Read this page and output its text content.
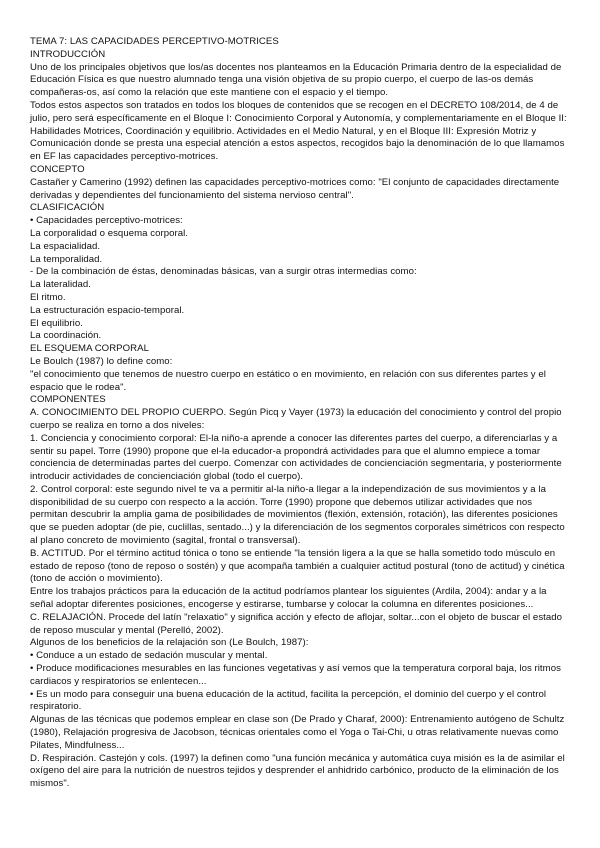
TEMA 7: LAS CAPACIDADES PERCEPTIVO-MOTRICES

INTRODUCCIÓN

Uno de los principales objetivos que los/as docentes nos planteamos en la Educación Primaria dentro de la especialidad de Educación Física es que nuestro alumnado tenga una visión objetiva de su propio cuerpo, el cuerpo de las-os demás compañeras-os, así como la relación que este mantiene con el espacio y el tiempo.

Todos estos aspectos son tratados en todos los bloques de contenidos que se recogen en el DECRETO 108/2014, de 4 de julio, pero será específicamente en el Bloque I: Conocimiento Corporal y Autonomía, y complementariamente en el Bloque II: Habilidades Motrices, Coordinación y equilibrio. Actividades en el Medio Natural, y en el Bloque III: Expresión Motriz y Comunicación donde se presta una especial atención a estos aspectos, recogidos bajo la denominación de lo que llamamos en EF las capacidades perceptivo-motrices.

CONCEPTO

Castañer y Camerino (1992) definen las capacidades perceptivo-motrices como: "El conjunto de capacidades directamente derivadas y dependientes del funcionamiento del sistema nervioso central".

CLASIFICACIÓN

• Capacidades perceptivo-motrices:

La corporalidad o esquema corporal.

La espacialidad.

La temporalidad.

- De la combinación de éstas, denominadas básicas, van a surgir otras intermedias como:

La lateralidad.

El ritmo.

La estructuración espacio-temporal.

El equilibrio.

La coordinación.

EL ESQUEMA CORPORAL

Le Boulch (1987) lo define como:

"el conocimiento que tenemos de nuestro cuerpo en estático o en movimiento, en relación con sus diferentes partes y el espacio que le rodea".

COMPONENTES

A. CONOCIMIENTO DEL PROPIO CUERPO. Según Picq y Vayer (1973) la educación del conocimiento y control del propio cuerpo se realiza en torno a dos niveles:

1. Conciencia y conocimiento corporal: El-la niño-a aprende a conocer las diferentes partes del cuerpo, a diferenciarlas y a sentir su papel. Torre (1990) propone que el-la educador-a propondrá actividades para que el alumno empiece a tomar conciencia de determinadas partes del cuerpo. Comenzar con actividades de concienciación segmentaria, y posteriormente introducir actividades de concienciación global (todo el cuerpo).

2. Control corporal: este segundo nivel te va a permitir al-la niño-a llegar a la independización de sus movimientos y a la disponibilidad de su cuerpo con respecto a la acción. Torre (1990) propone que debemos utilizar actividades que nos permitan descubrir la amplia gama de posibilidades de movimientos (flexión, extensión, rotación), las diferentes posiciones que se pueden adoptar (de pie, cuclillas, sentado...) y la diferenciación de los segmentos corporales simétricos con respecto al plano concreto de movimiento (sagital, frontal o transversal).

B. ACTITUD. Por el término actitud tónica o tono se entiende "la tensión ligera a la que se halla sometido todo músculo en estado de reposo (tono de reposo o sostén) y que acompaña también a cualquier actitud postural (tono de actitud) y cinética (tono de acción o movimiento).

Entre los trabajos prácticos para la educación de la actitud podríamos plantear los siguientes (Ardila, 2004): andar y a la señal adoptar diferentes posiciones, encogerse y estirarse, tumbarse y colocar la columna en diferentes posiciones...

C. RELAJACIÓN. Procede del latín "relaxatio" y significa acción y efecto de aflojar, soltar...con el objeto de buscar el estado de reposo muscular y mental (Perelló, 2002).

Algunos de los beneficios de la relajación son (Le Boulch, 1987):

• Conduce a un estado de sedación muscular y mental.

• Produce modificaciones mesurables en las funciones vegetativas y así vemos que la temperatura corporal baja, los ritmos cardiacos y respiratorios se enlentecen...

• Es un modo para conseguir una buena educación de la actitud, facilita la percepción, el dominio del cuerpo y el control respiratorio.

Algunas de las técnicas que podemos emplear en clase son (De Prado y Charaf, 2000): Entrenamiento autógeno de Schultz (1980), Relajación progresiva de Jacobson, técnicas orientales como el Yoga o Tai-Chi, u otras relativamente nuevas como Pilates, Mindfulness...

D. Respiración. Castejón y cols. (1997) la definen como "una función mecánica y automática cuya misión es la de asimilar el oxígeno del aire para la nutrición de nuestros tejidos y desprender el anhidrido carbónico, producto de la eliminación de los mismos".
